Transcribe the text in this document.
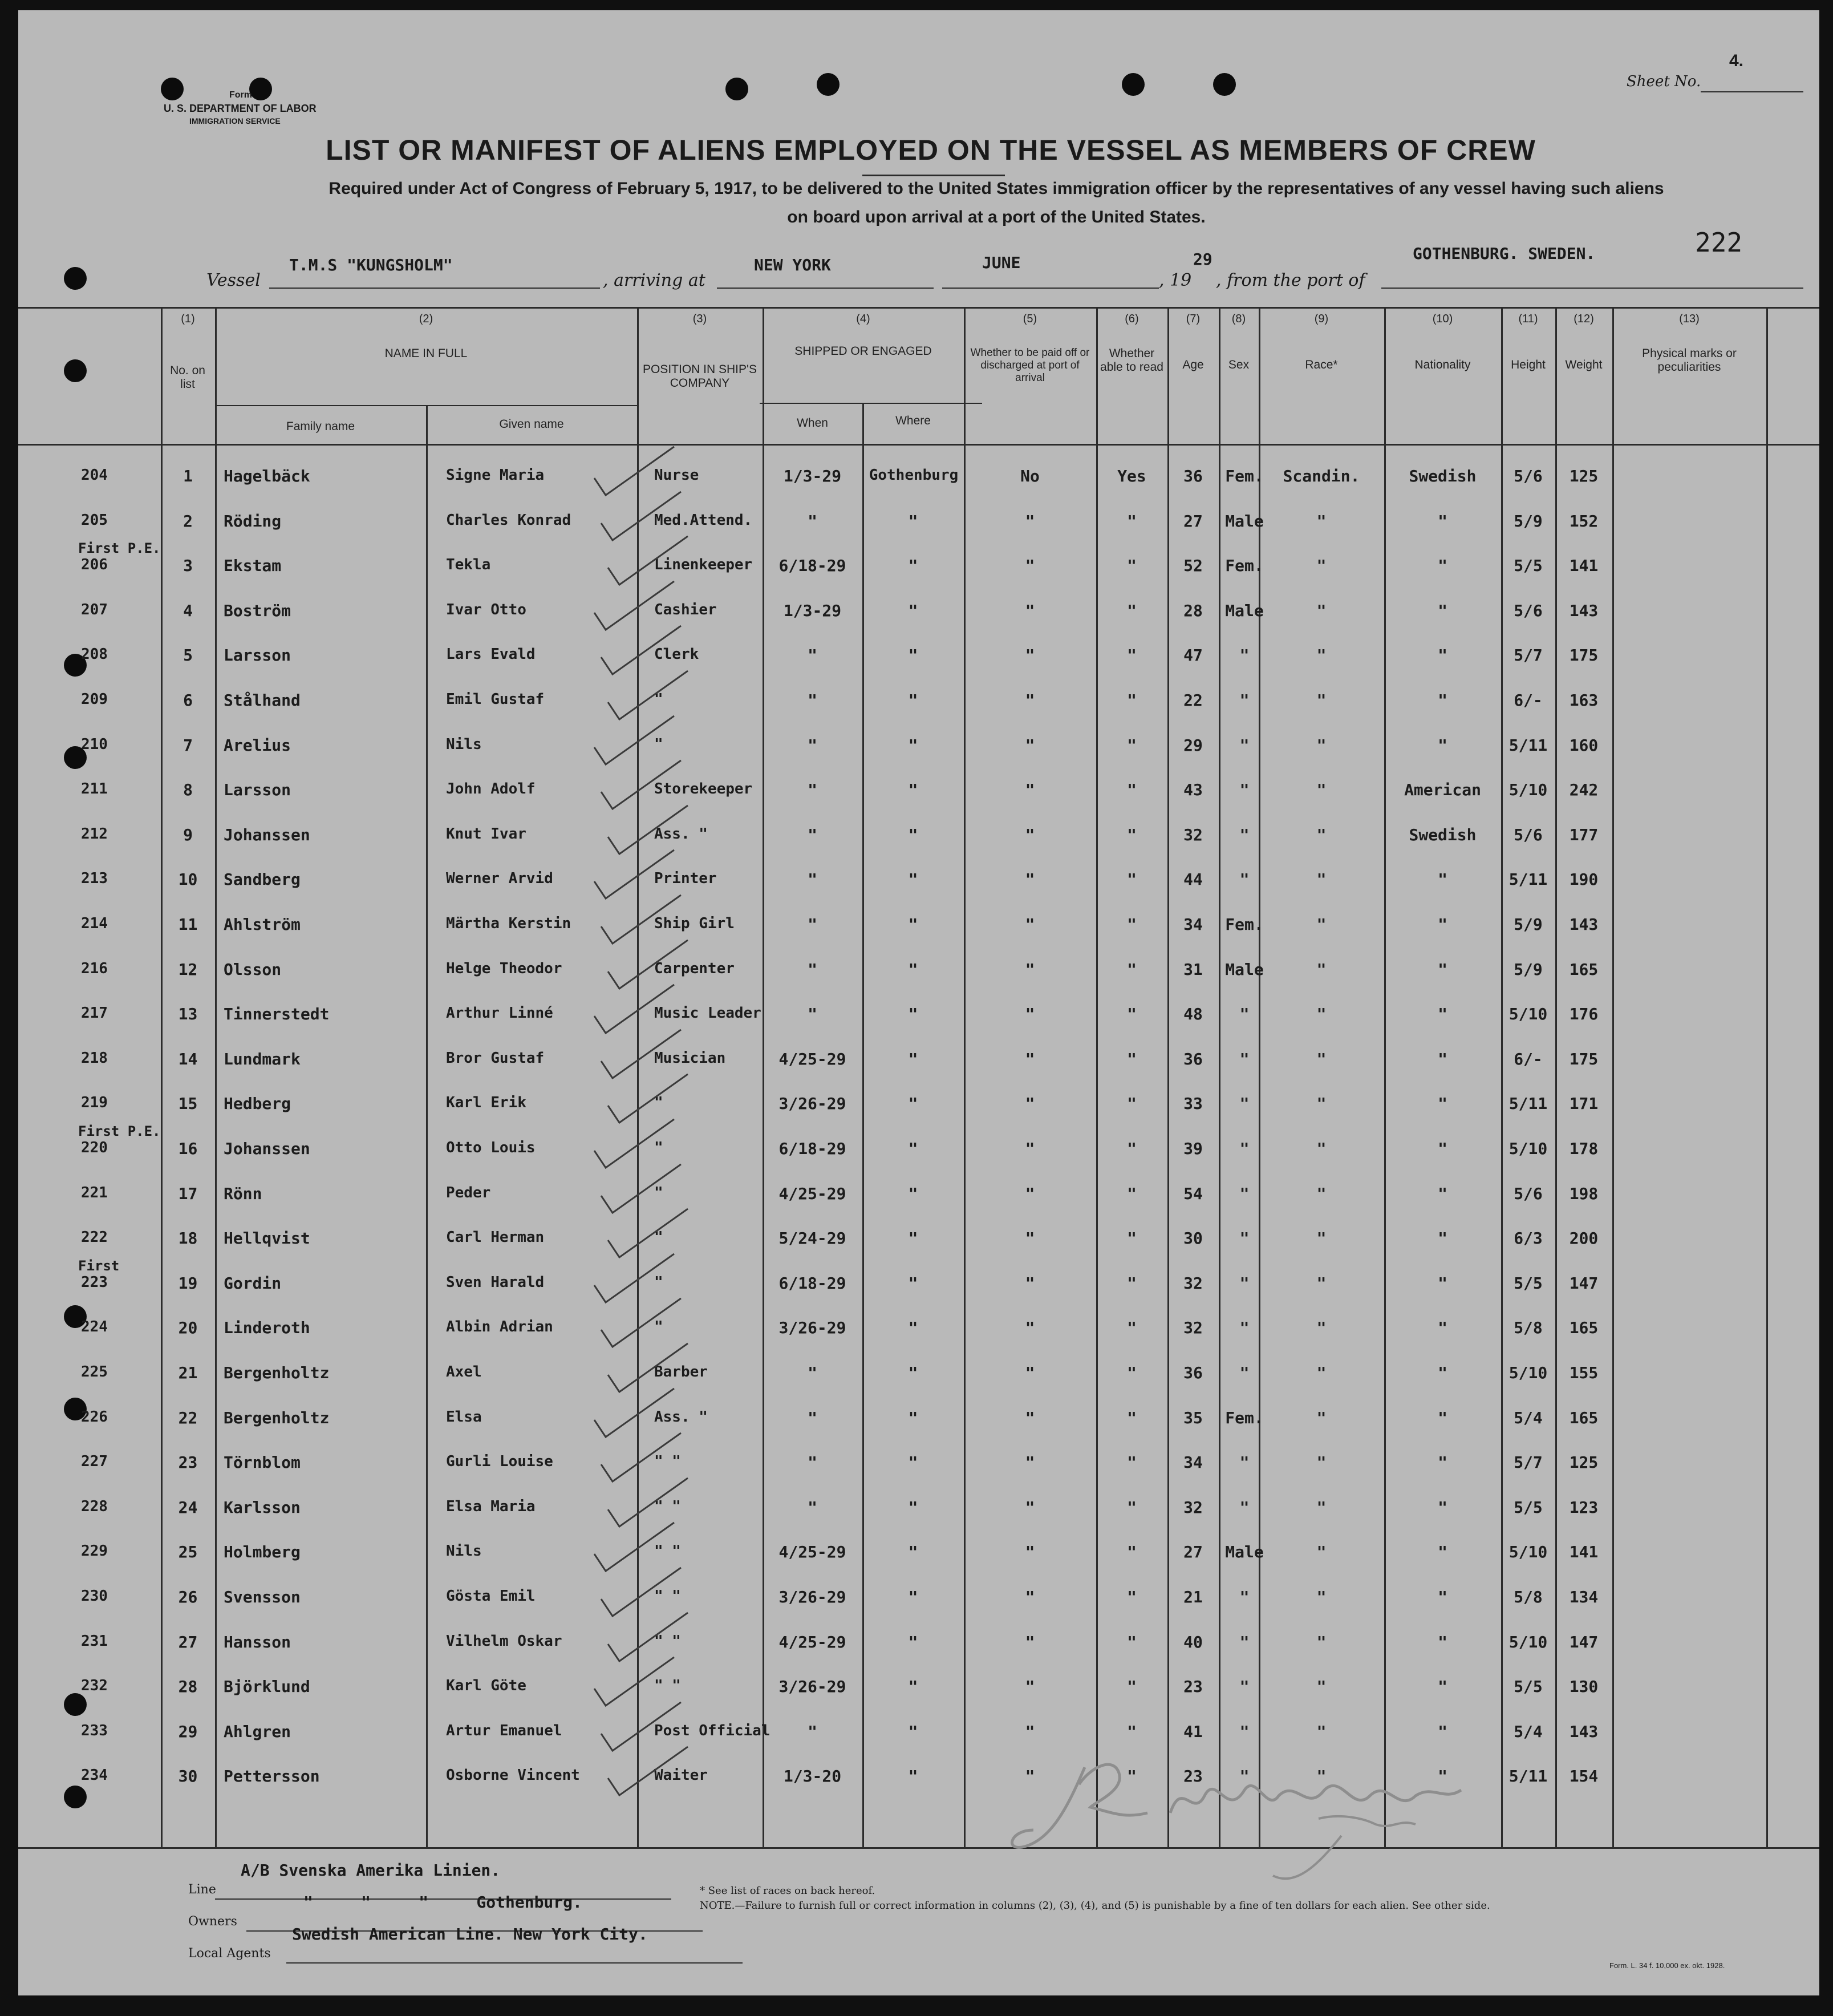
Form
U. S. DEPARTMENT OF LABOR
IMMIGRATION SERVICE
Sheet No.
4.
LIST OR MANIFEST OF ALIENS EMPLOYED ON THE VESSEL AS MEMBERS OF CREW
Required under Act of Congress of February 5, 1917, to be delivered to the United States immigration officer by the representatives of any vessel having such aliens
on board upon arrival at a port of the United States.
222
Vessel
T.M.S "KUNGSHOLM"
, arriving at
NEW YORK	JUNE
, 19
29
, from the port of
GOTHENBURG. SWEDEN.
(1)
No. on list
(2)
NAME IN FULL
Family name	Given name
(3)
POSITION IN SHIP'S COMPANY
(4)
SHIPPED OR ENGAGED
When	Where
(5)
Whether to be paid off or discharged at port of arrival
(6)
Whether able to read
(7)
Age
(8)
Sex
(9)
Race*
(10)
Nationality
(11)
Height
(12)
Weight
(13)
Physical marks or peculiarities
204	1	Hagelbäck	Signe Maria	Nurse	1/3-29	Gothenburg	No	Yes	36	Fem.	Scandin.	Swedish	5/6	125
205	2	Röding	Charles Konrad	Med.Attend.	"	"	"	"	27	Male	"	"	5/9	152
First P.E.
206	3	Ekstam	Tekla	Linenkeeper	6/18-29	"	"	"	52	Fem.	"	"	5/5	141
207	4	Boström	Ivar Otto	Cashier	1/3-29	"	"	"	28	Male	"	"	5/6	143
208	5	Larsson	Lars Evald	Clerk	"	"	"	"	47	"	"	"	5/7	175
209	6	Stålhand	Emil Gustaf	"	"	"	"	"	22	"	"	"	6/-	163
210	7	Arelius	Nils	"	"	"	"	"	29	"	"	"	5/11	160
211	8	Larsson	John Adolf	Storekeeper	"	"	"	"	43	"	"	American	5/10	242
212	9	Johanssen	Knut Ivar	Ass. "	"	"	"	"	32	"	"	Swedish	5/6	177
213	10	Sandberg	Werner Arvid	Printer	"	"	"	"	44	"	"	"	5/11	190
214	11	Ahlström	Märtha Kerstin	Ship Girl	"	"	"	"	34	Fem.	"	"	5/9	143
216	12	Olsson	Helge Theodor	Carpenter	"	"	"	"	31	Male	"	"	5/9	165
217	13	Tinnerstedt	Arthur Linné	Music Leader	"	"	"	"	48	"	"	"	5/10	176
218	14	Lundmark	Bror Gustaf	Musician	4/25-29	"	"	"	36	"	"	"	6/-	175
219	15	Hedberg	Karl Erik	"	3/26-29	"	"	"	33	"	"	"	5/11	171
First P.E.
220	16	Johanssen	Otto Louis	"	6/18-29	"	"	"	39	"	"	"	5/10	178
221	17	Rönn	Peder	"	4/25-29	"	"	"	54	"	"	"	5/6	198
222	18	Hellqvist	Carl Herman	"	5/24-29	"	"	"	30	"	"	"	6/3	200
First
223	19	Gordin	Sven Harald	"	6/18-29	"	"	"	32	"	"	"	5/5	147
224	20	Linderoth	Albin Adrian	"	3/26-29	"	"	"	32	"	"	"	5/8	165
225	21	Bergenholtz	Axel	Barber	"	"	"	"	36	"	"	"	5/10	155
226	22	Bergenholtz	Elsa	Ass. "	"	"	"	"	35	Fem.	"	"	5/4	165
227	23	Törnblom	Gurli Louise	" "	"	"	"	"	34	"	"	"	5/7	125
228	24	Karlsson	Elsa Maria	" "	"	"	"	"	32	"	"	"	5/5	123
229	25	Holmberg	Nils	" "	4/25-29	"	"	"	27	Male	"	"	5/10	141
230	26	Svensson	Gösta Emil	" "	3/26-29	"	"	"	21	"	"	"	5/8	134
231	27	Hansson	Vilhelm Oskar	" "	4/25-29	"	"	"	40	"	"	"	5/10	147
232	28	Björklund	Karl Göte	" "	3/26-29	"	"	"	23	"	"	"	5/5	130
233	29	Ahlgren	Artur Emanuel	Post Official	"	"	"	"	41	"	"	"	5/4	143
234	30	Pettersson	Osborne Vincent	Waiter	1/3-20	"	"	"	23	"	"	"	5/11	154
J R Montgomery Insp
Line
A/B Svenska Amerika Linien.
Owners
"     "     "     Gothenburg.
Local Agents
Swedish American Line. New York City.
* See list of races on back hereof.
NOTE.—Failure to furnish full or correct information in columns (2), (3), (4), and (5) is punishable by a fine of ten dollars for each alien. See other side.
Form. L. 34 f. 10,000 ex. okt. 1928.
